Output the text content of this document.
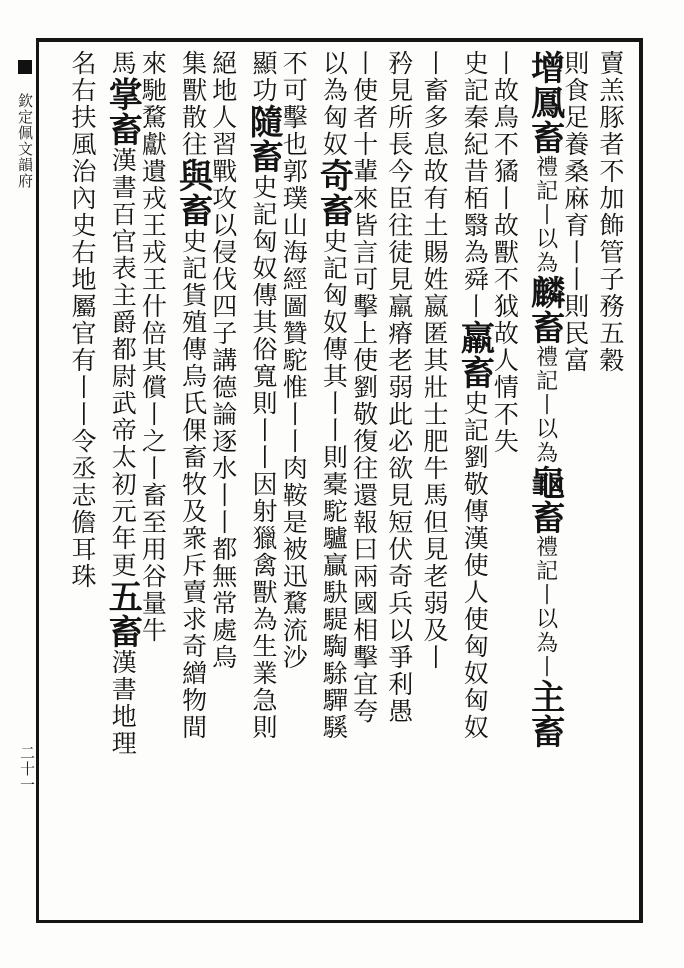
欽定佩文韻府
二十一
賣羔豚者不加飾管子務五穀
則食足養桑麻育丨丨則民富
增鳳畜禮記丨以為麟畜禮記丨以為龜畜禮記丨以為丨主畜
丨故鳥不獝丨故獸不狘故人情不失
史記秦紀昔栢翳為舜丨羸畜史記劉敬傳漢使人使匈奴匈奴
丨畜多息故有土賜姓嬴匿其壯士肥牛馬但見老弱及丨
矜見所長今臣往徒見羸瘠老弱此必欲見短伏奇兵以爭利愚
丨使者十輩來皆言可擊上使劉敬復往還報曰兩國相擊宜夸
以為匈奴奇畜史記匈奴傳其丨丨則橐駝驢贏駃騠騊駼驒騱
不可擊也郭璞山海經圖贊駝惟丨丨肉鞍是被迅騖流沙
顯功隨畜史記匈奴傳其俗寬則丨丨因射獵禽獸為生業急則
絕地人習戰攻以侵伐四子講德論逐水丨丨都無常處烏
集獸散往與畜史記貨殖傳烏氏倮畜牧及衆斥賣求奇繒物間
來馳騖獻遺戎王戎王什倍其償丨之丨畜至用谷量牛
馬掌畜漢書百官表主爵都尉武帝太初元年更五畜漢書地理
名右扶風治內史右地屬官有丨丨令丞志儋耳珠
